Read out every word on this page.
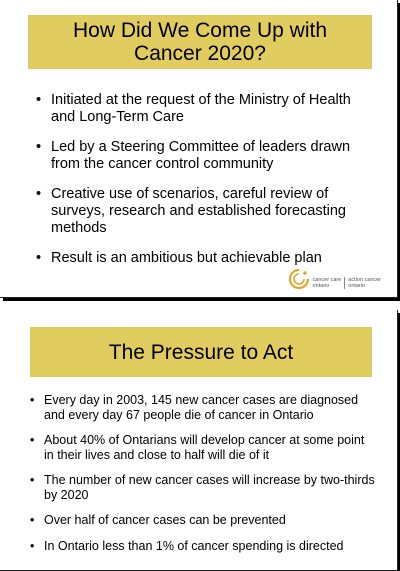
How Did We Come Up with
Cancer 2020?
• Initiated at the request of the Ministry of Health and Long-Term Care
• Led by a Steering Committee of leaders drawn from the cancer control community
• Creative use of scenarios, careful review of surveys, research and established forecasting methods
• Result is an ambitious but achievable plan
cancer care
ontario
action cancer
ontario
The Pressure to Act
• Every day in 2003, 145 new cancer cases are diagnosed and every day 67 people die of cancer in Ontario
• About 40% of Ontarians will develop cancer at some point in their lives and close to half will die of it
• The number of new cancer cases will increase by two-thirds by 2020
• Over half of cancer cases can be prevented
• In Ontario less than 1% of cancer spending is directed
